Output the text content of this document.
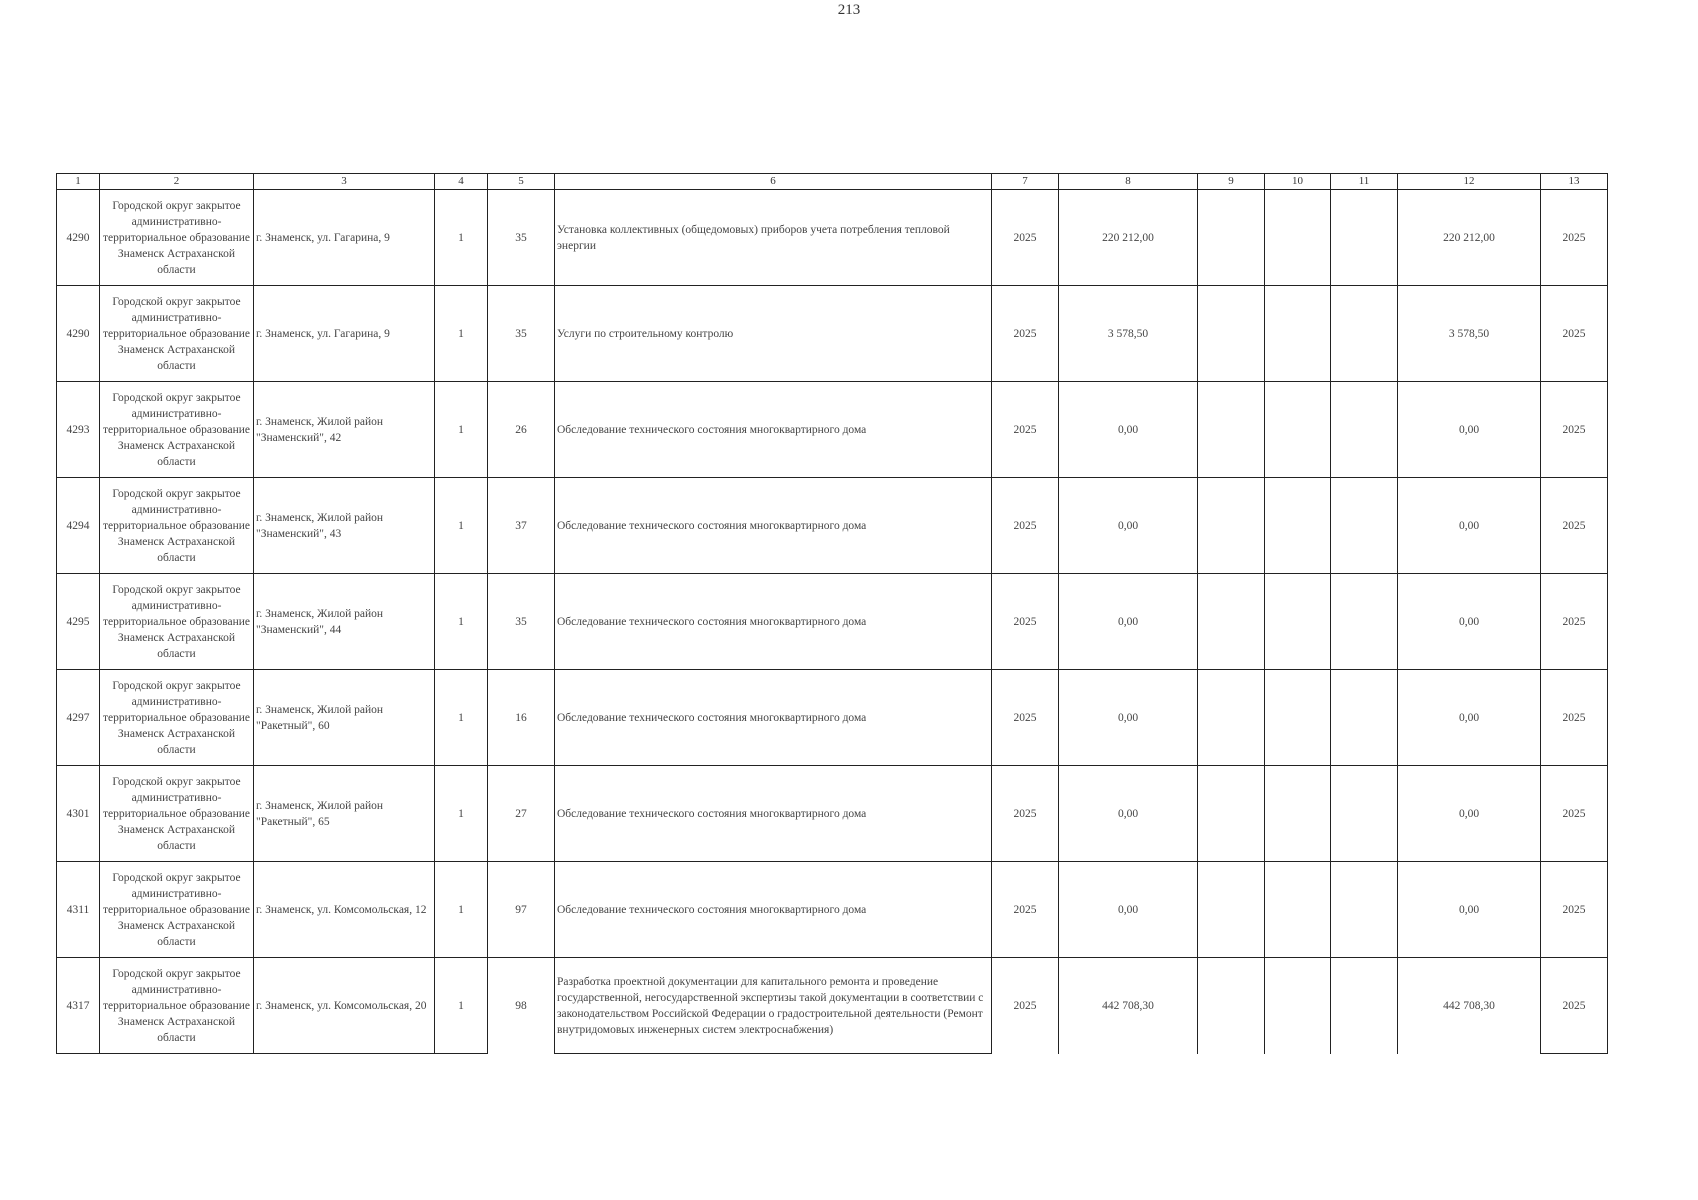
213
1	2	3	4	5	6	7	8	9	10	11	12	13
4290	Городской округ закрытое административно-территориальное образование Знаменск Астраханской области	г. Знаменск, ул. Гагарина, 9	1	35	Установка коллективных (общедомовых) приборов учета потребления тепловой энергии	2025	220 212,00				220 212,00	2025
4290	Городской округ закрытое административно-территориальное образование Знаменск Астраханской области	г. Знаменск, ул. Гагарина, 9	1	35	Услуги по строительному контролю	2025	3 578,50				3 578,50	2025
4293	Городской округ закрытое административно-территориальное образование Знаменск Астраханской области	г. Знаменск, Жилой район "Знаменский", 42	1	26	Обследование технического состояния многоквартирного дома	2025	0,00				0,00	2025
4294	Городской округ закрытое административно-территориальное образование Знаменск Астраханской области	г. Знаменск, Жилой район "Знаменский", 43	1	37	Обследование технического состояния многоквартирного дома	2025	0,00				0,00	2025
4295	Городской округ закрытое административно-территориальное образование Знаменск Астраханской области	г. Знаменск, Жилой район "Знаменский", 44	1	35	Обследование технического состояния многоквартирного дома	2025	0,00				0,00	2025
4297	Городской округ закрытое административно-территориальное образование Знаменск Астраханской области	г. Знаменск, Жилой район "Ракетный", 60	1	16	Обследование технического состояния многоквартирного дома	2025	0,00				0,00	2025
4301	Городской округ закрытое административно-территориальное образование Знаменск Астраханской области	г. Знаменск, Жилой район "Ракетный", 65	1	27	Обследование технического состояния многоквартирного дома	2025	0,00				0,00	2025
4311	Городской округ закрытое административно-территориальное образование Знаменск Астраханской области	г. Знаменск, ул. Комсомольская, 12	1	97	Обследование технического состояния многоквартирного дома	2025	0,00				0,00	2025
4317	Городской округ закрытое административно-территориальное образование Знаменск Астраханской области	г. Знаменск, ул. Комсомольская, 20	1	98	Разработка проектной документации для капитального ремонта и проведение государственной, негосударственной экспертизы такой документации в соответствии с законодательством Российской Федерации о градостроительной деятельности (Ремонт внутридомовых инженерных систем электроснабжения)	2025	442 708,30				442 708,30	2025
